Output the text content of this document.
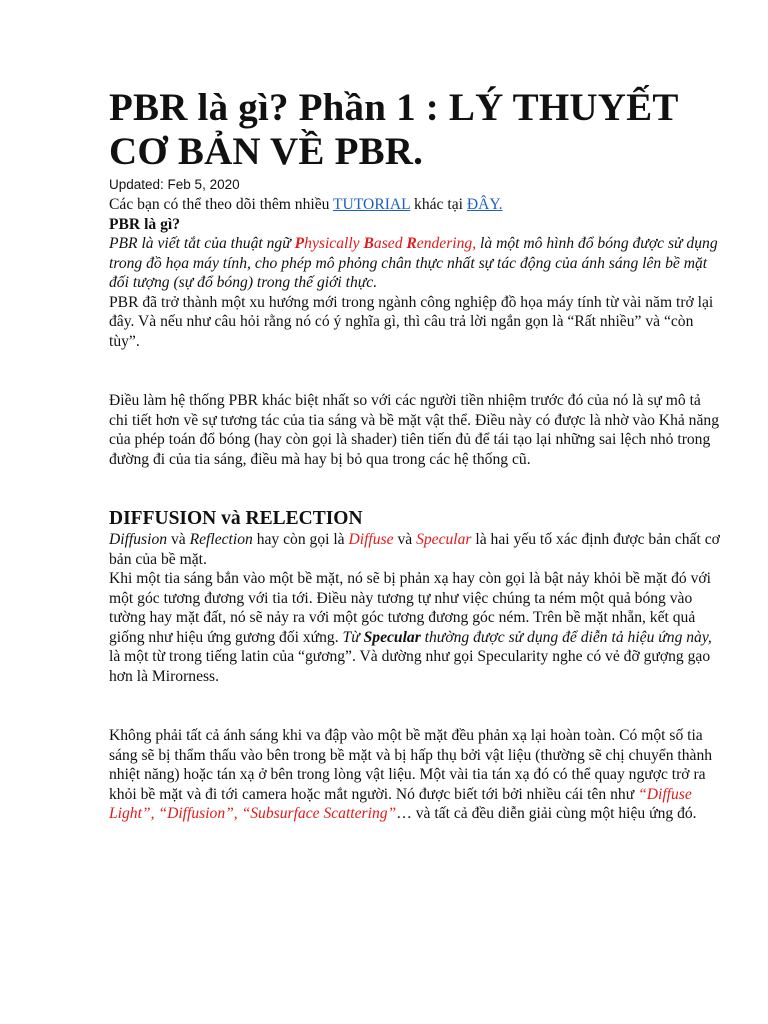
PBR là gì? Phần 1 : LÝ THUYẾT CƠ BẢN VỀ PBR.
Updated: Feb 5, 2020

Các bạn có thể theo dõi thêm nhiều TUTORIAL khác tại ĐÂY.

PBR là gì?

PBR là viết tắt của thuật ngữ Physically Based Rendering, là một mô hình đổ bóng được sử dụng trong đồ họa máy tính, cho phép mô phỏng chân thực nhất sự tác động của ánh sáng lên bề mặt đối tượng (sự đổ bóng) trong thế giới thực.

PBR đã trở thành một xu hướng mới trong ngành công nghiệp đồ họa máy tính từ vài năm trở lại đây. Và nếu như câu hỏi rằng nó có ý nghĩa gì, thì câu trả lời ngắn gọn là “Rất nhiều” và “còn tùy”.

Điều làm hệ thống PBR khác biệt nhất so với các người tiền nhiệm trước đó của nó là sự mô tả chi tiết hơn về sự tương tác của tia sáng và bề mặt vật thể. Điều này có được là nhờ vào Khả năng của phép toán đổ bóng (hay còn gọi là shader) tiên tiến đủ để tái tạo lại những sai lệch nhỏ trong đường đi của tia sáng, điều mà hay bị bỏ qua trong các hệ thống cũ.

DIFFUSION và RELECTION

Diffusion và Reflection hay còn gọi là Diffuse và Specular là hai yếu tố xác định được bản chất cơ bản của bề mặt.

Khi một tia sáng bắn vào một bề mặt, nó sẽ bị phản xạ hay còn gọi là bật nảy khỏi bề mặt đó với một góc tương đương với tia tới. Điều này tương tự như việc chúng ta ném một quả bóng vào tường hay mặt đất, nó sẽ nảy ra với một góc tương đương góc ném. Trên bề mặt nhẵn, kết quả giống như hiệu ứng gương đối xứng. Từ Specular thường được sử dụng để diễn tả hiệu ứng này, là một từ trong tiếng latin của “gương”. Và dường như gọi Specularity nghe có vẻ đỡ gượng gạo hơn là Mirorness.

Không phải tất cả ánh sáng khi va đập vào một bề mặt đều phản xạ lại hoàn toàn. Có một số tia sáng sẽ bị thẩm thấu vào bên trong bề mặt và bị hấp thụ bởi vật liệu (thường sẽ chị chuyển thành nhiệt năng) hoặc tán xạ ở bên trong lòng vật liệu. Một vài tia tán xạ đó có thể quay ngược trở ra khỏi bề mặt và đi tới camera hoặc mắt người. Nó được biết tới bởi nhiều cái tên như “Diffuse Light”, “Diffusion”, “Subsurface Scattering”… và tất cả đều diễn giải cùng một hiệu ứng đó.
